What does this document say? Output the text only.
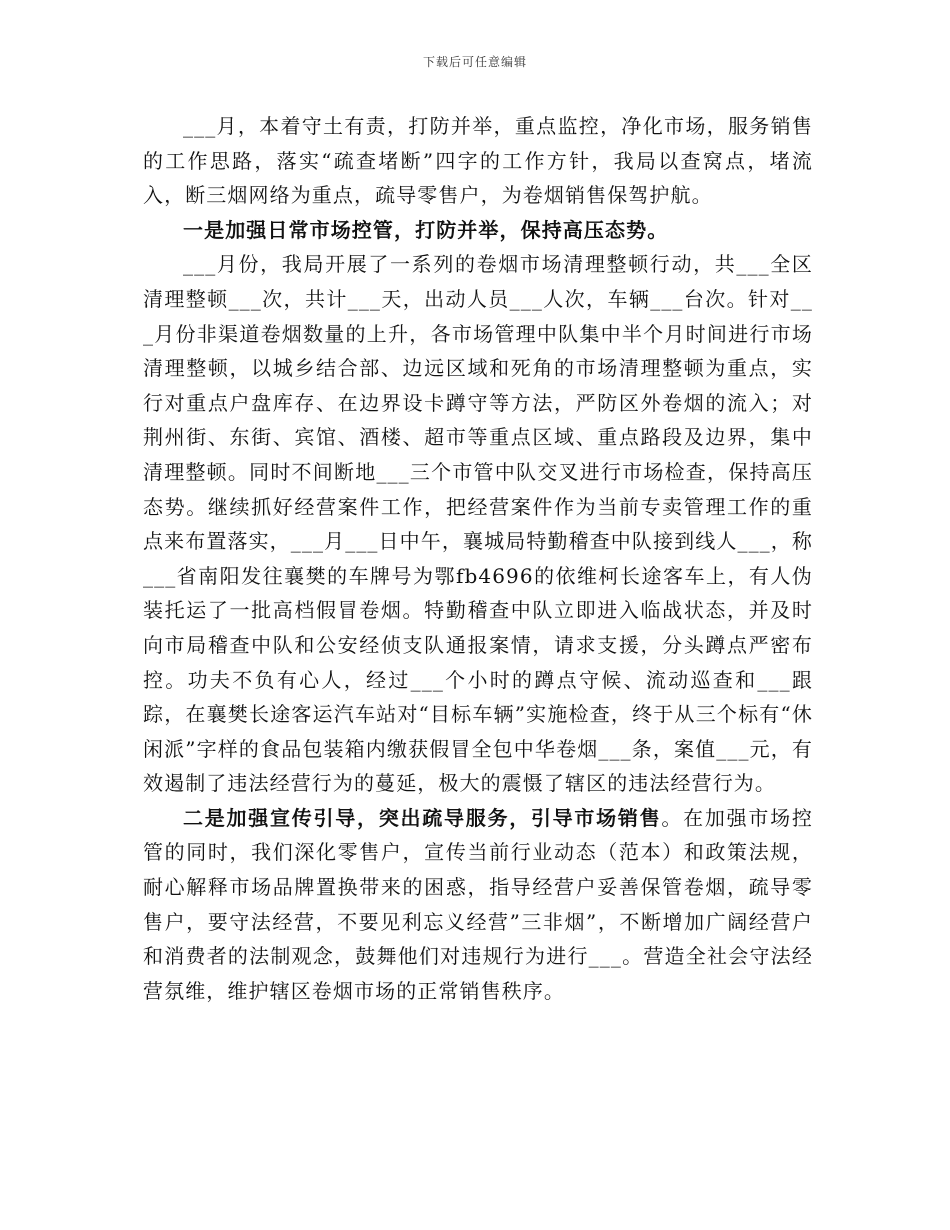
下载后可任意编辑

___月，本着守土有责，打防并举，重点监控，净化市场，服务销售的工作思路，落实“疏查堵断”四字的工作方针，我局以查窝点，堵流入，断三烟网络为重点，疏导零售户，为卷烟销售保驾护航。

一是加强日常市场控管，打防并举，保持高压态势。

___月份，我局开展了一系列的卷烟市场清理整顿行动，共___全区清理整顿___次，共计___天，出动人员___人次，车辆___台次。针对___月份非渠道卷烟数量的上升，各市场管理中队集中半个月时间进行市场清理整顿，以城乡结合部、边远区域和死角的市场清理整顿为重点，实行对重点户盘库存、在边界设卡蹲守等方法，严防区外卷烟的流入；对荆州街、东街、宾馆、酒楼、超市等重点区域、重点路段及边界，集中清理整顿。同时不间断地___三个市管中队交叉进行市场检查，保持高压态势。继续抓好经营案件工作，把经营案件作为当前专卖管理工作的重点来布置落实，___月___日中午，襄城局特勤稽查中队接到线人___，称___省南阳发往襄樊的车牌号为鄂fb4696的依维柯长途客车上，有人伪装托运了一批高档假冒卷烟。特勤稽查中队立即进入临战状态，并及时向市局稽查中队和公安经侦支队通报案情，请求支援，分头蹲点严密布控。功夫不负有心人，经过___个小时的蹲点守候、流动巡查和___跟踪，在襄樊长途客运汽车站对“目标车辆”实施检查，终于从三个标有“休闲派”字样的食品包装箱内缴获假冒全包中华卷烟___条，案值___元，有效遏制了违法经营行为的蔓延，极大的震慑了辖区的违法经营行为。

二是加强宣传引导，突出疏导服务，引导市场销售。在加强市场控管的同时，我们深化零售户，宣传当前行业动态（范本）和政策法规，耐心解释市场品牌置换带来的困惑，指导经营户妥善保管卷烟，疏导零售户，要守法经营，不要见利忘义经营”三非烟”，不断增加广阔经营户和消费者的法制观念，鼓舞他们对违规行为进行___。营造全社会守法经营氛维，维护辖区卷烟市场的正常销售秩序。
